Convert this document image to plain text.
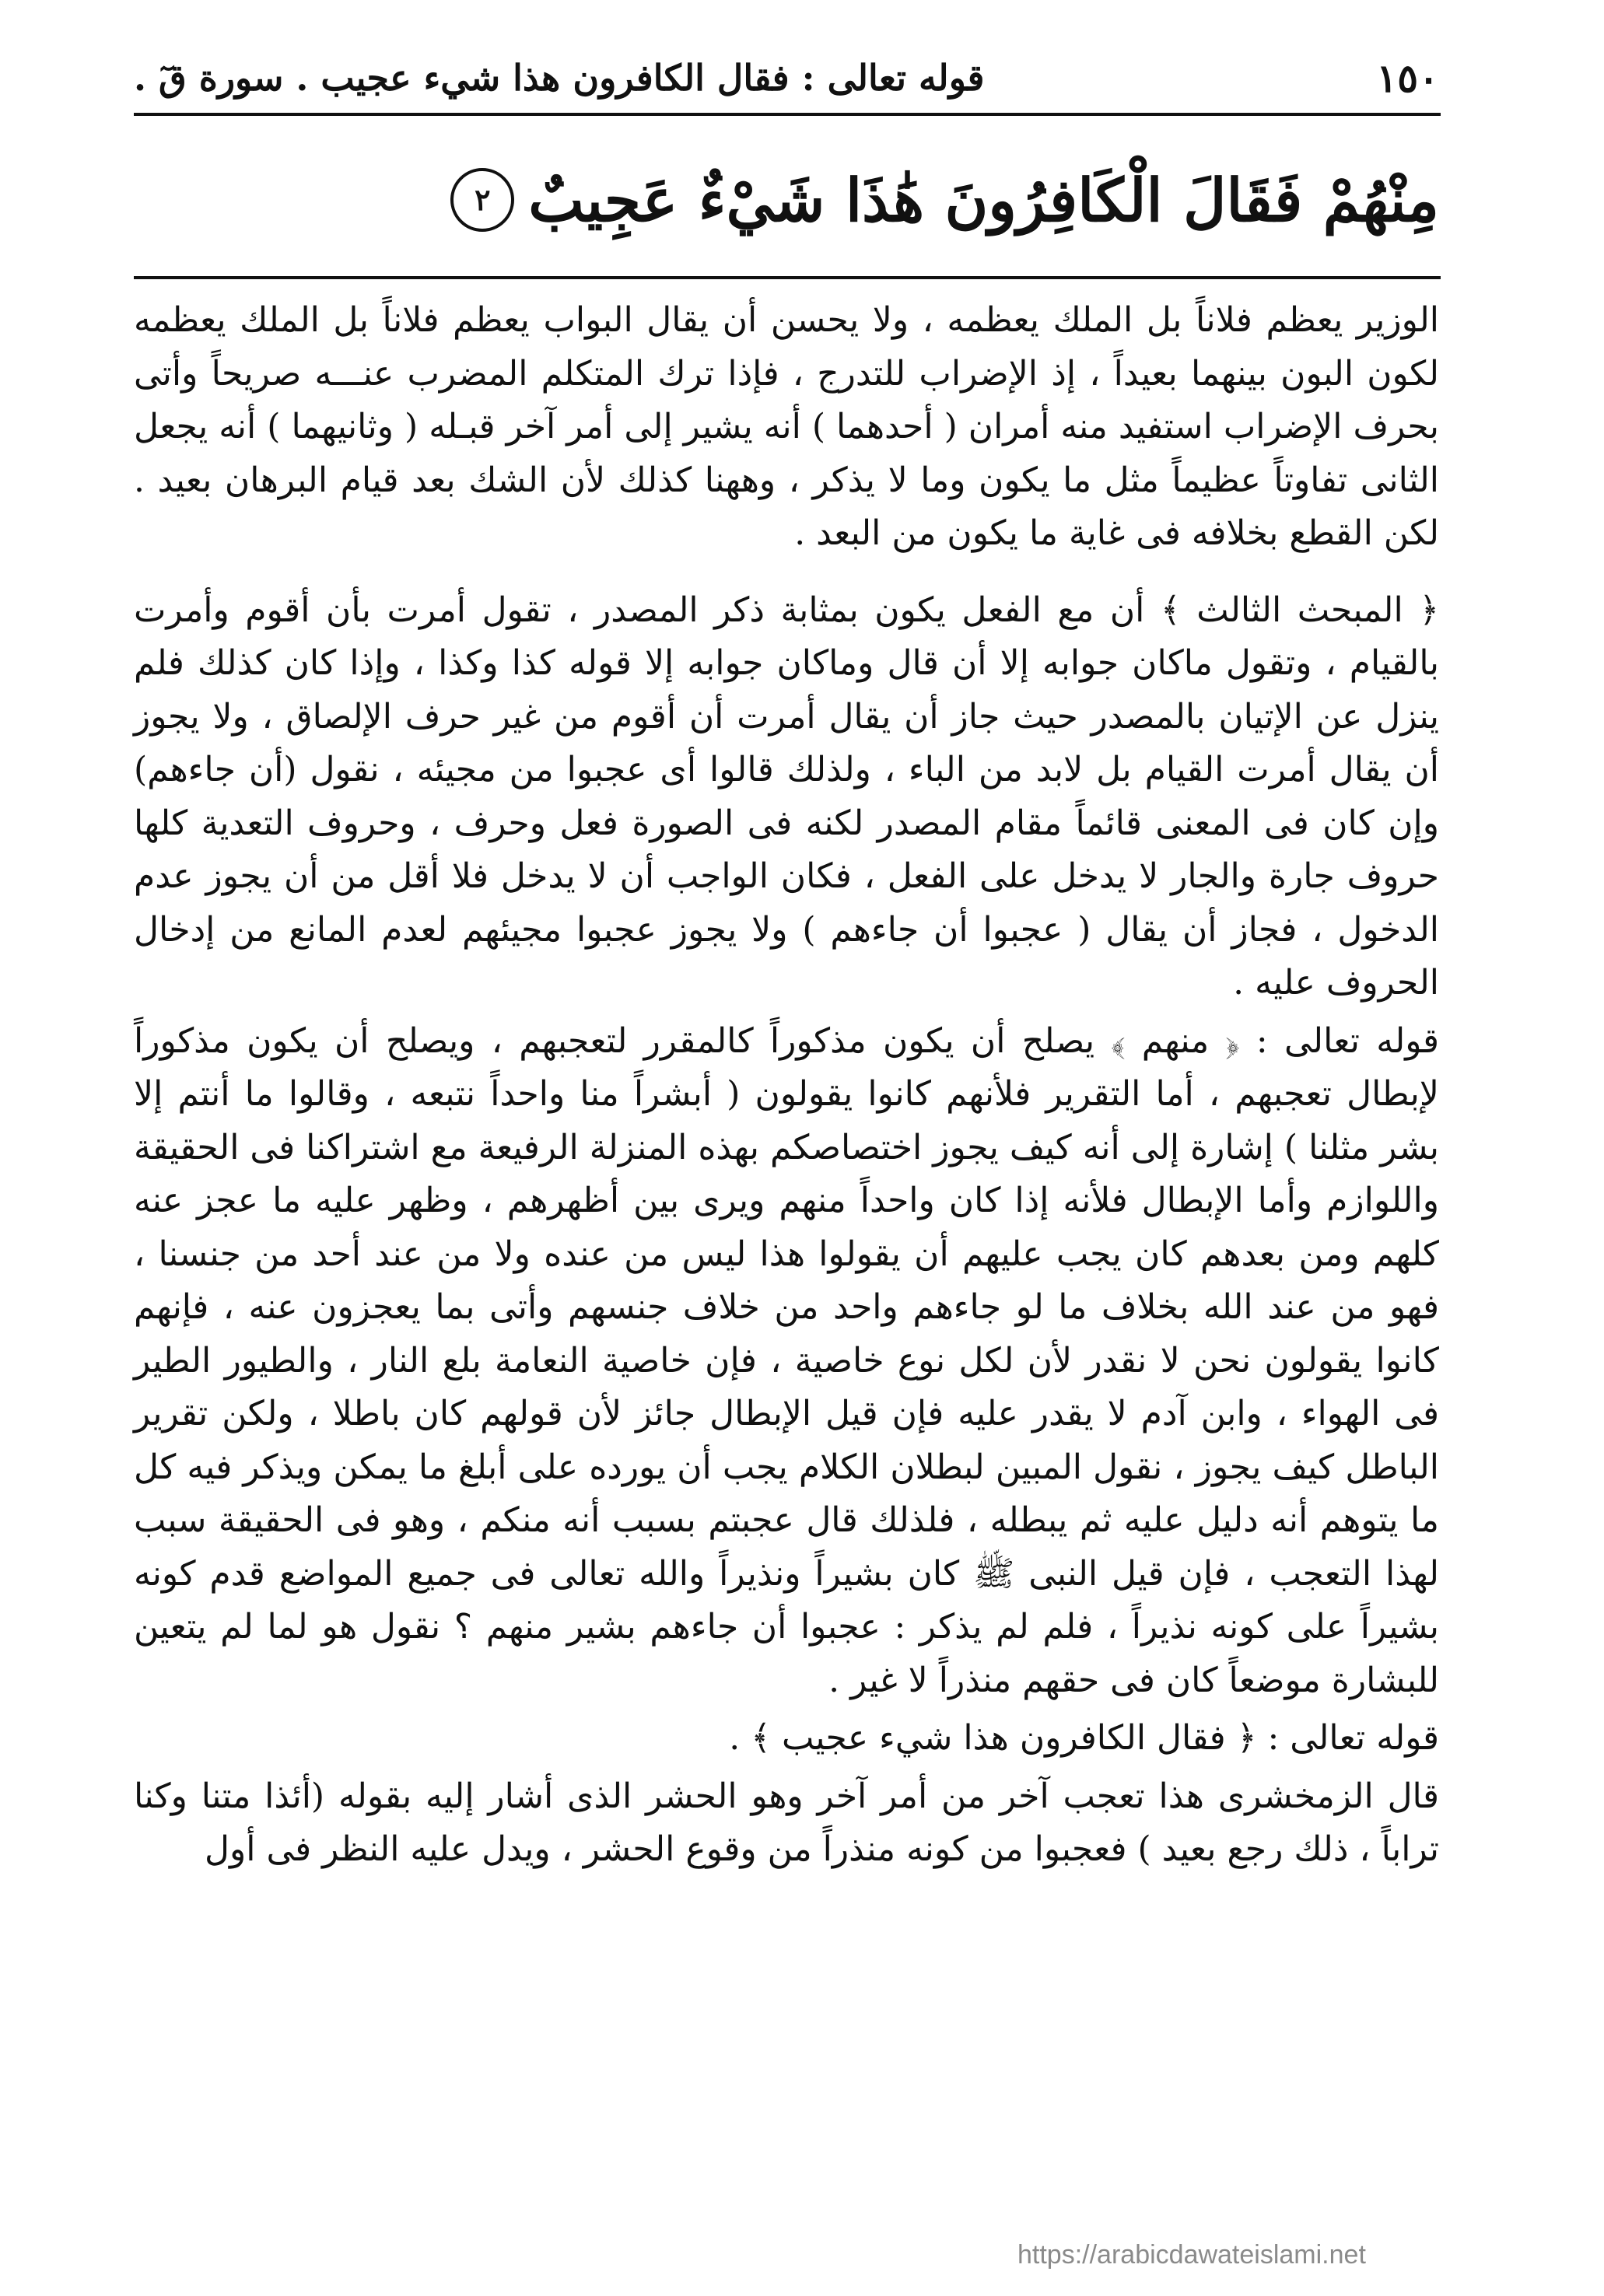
١٥٠
قوله تعالى : فقال الكافرون هذا شيء عجيب . سورة قٓ .
مِنْهُمْ فَقَالَ الْكَافِرُونَ هَٰذَا شَيْءٌ عَجِيبٌ
٢

الوزير يعظم فلاناً بل الملك يعظمه ، ولا يحسن أن يقال البواب يعظم فلاناً بل الملك يعظمه لكون البون بينهما بعيداً ، إذ الإضراب للتدرج ، فإذا ترك المتكلم المضرب عنـــه صريحاً وأتى بحرف الإضراب استفيد منه أمران ( أحدهما ) أنه يشير إلى أمر آخر قبـله ( وثانيهما ) أنه يجعل الثانى تفاوتاً عظيماً مثل ما يكون وما لا يذكر ، وههنا كذلك لأن الشك بعد قيام البرهان بعيد . لكن القطع بخلافه فى غاية ما يكون من البعد .

﴿ المبحث الثالث ﴾ أن مع الفعل يكون بمثابة ذكر المصدر ، تقول أمرت بأن أقوم وأمرت بالقيام ، وتقول ماكان جوابه إلا أن قال وماكان جوابه إلا قوله كذا وكذا ، وإذا كان كذلك فلم ينزل عن الإتيان بالمصدر حيث جاز أن يقال أمرت أن أقوم من غير حرف الإلصاق ، ولا يجوز أن يقال أمرت القيام بل لابد من الباء ، ولذلك قالوا أى عجبوا من مجيئه ، نقول (أن جاءهم) وإن كان فى المعنى قائماً مقام المصدر لكنه فى الصورة فعل وحرف ، وحروف التعدية كلها حروف جارة والجار لا يدخل على الفعل ، فكان الواجب أن لا يدخل فلا أقل من أن يجوز عدم الدخول ، فجاز أن يقال ( عجبوا أن جاءهم ) ولا يجوز عجبوا مجيئهم لعدم المانع من إدخال الحروف عليه .

قوله تعالى : ﴿ منهم ﴾ يصلح أن يكون مذكوراً كالمقرر لتعجبهم ، ويصلح أن يكون مذكوراً لإبطال تعجبهم ، أما التقرير فلأنهم كانوا يقولون ( أبشراً منا واحداً نتبعه ، وقالوا ما أنتم إلا بشر مثلنا ) إشارة إلى أنه كيف يجوز اختصاصكم بهذه المنزلة الرفيعة مع اشتراكنا فى الحقيقة واللوازم وأما الإبطال فلأنه إذا كان واحداً منهم ويرى بين أظهرهم ، وظهر عليه ما عجز عنه كلهم ومن بعدهم كان يجب عليهم أن يقولوا هذا ليس من عنده ولا من عند أحد من جنسنا ، فهو من عند الله بخلاف ما لو جاءهم واحد من خلاف جنسهم وأتى بما يعجزون عنه ، فإنهم كانوا يقولون نحن لا نقدر لأن لكل نوع خاصية ، فإن خاصية النعامة بلع النار ، والطيور الطير فى الهواء ، وابن آدم لا يقدر عليه فإن قيل الإبطال جائز لأن قولهم كان باطلا ، ولكن تقرير الباطل كيف يجوز ، نقول المبين لبطلان الكلام يجب أن يورده على أبلغ ما يمكن ويذكر فيه كل ما يتوهم أنه دليل عليه ثم يبطله ، فلذلك قال عجبتم بسبب أنه منكم ، وهو فى الحقيقة سبب لهذا التعجب ، فإن قيل النبى ﷺ كان بشيراً ونذيراً والله تعالى فى جميع المواضع قدم كونه بشيراً على كونه نذيراً ، فلم لم يذكر : عجبوا أن جاءهم بشير منهم ؟ نقول هو لما لم يتعين للبشارة موضعاً كان فى حقهم منذراً لا غير .

قوله تعالى : ﴿ فقال الكافرون هذا شيء عجيب ﴾ .

قال الزمخشرى هذا تعجب آخر من أمر آخر وهو الحشر الذى أشار إليه بقوله (أئذا متنا وكنا تراباً ، ذلك رجع بعيد ) فعجبوا من كونه منذراً من وقوع الحشر ، ويدل عليه النظر فى أول

https://arabicdawateislami.net
